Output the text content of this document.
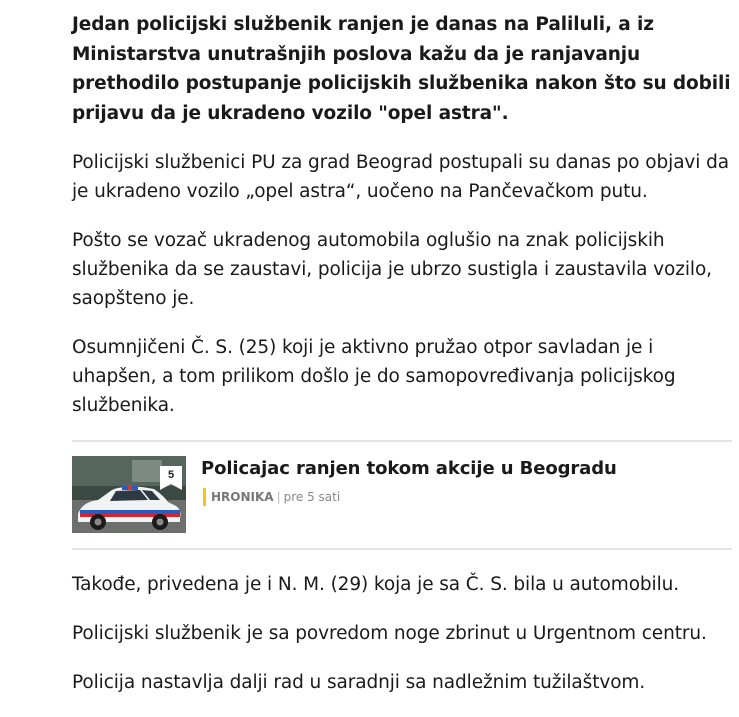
Jedan policijski službenik ranjen je danas na Paliluli, a iz Ministarstva unutrašnjih poslova kažu da je ranjavanju prethodilo postupanje policijskih službenika nakon što su dobili prijavu da je ukradeno vozilo "opel astra".

Policijski službenici PU za grad Beograd postupali su danas po objavi da je ukradeno vozilo „opel astra“, uočeno na Pančevačkom putu.

Pošto se vozač ukradenog automobila oglušio na znak policijskih službenika da se zaustavi, policija je ubrzo sustigla i zaustavila vozilo, saopšteno je.

Osumnjičeni Č. S. (25) koji je aktivno pružao otpor savladan je i uhapšen, a tom prilikom došlo je do samopovređivanja policijskog službenika.

5	Policajac ranjen tokom akcije u Beogradu
HRONIKA | pre 5 sati

Takođe, privedena je i N. M. (29) koja je sa Č. S. bila u automobilu.

Policijski službenik je sa povredom noge zbrinut u Urgentnom centru.

Policija nastavlja dalji rad u saradnji sa nadležnim tužilaštvom.
